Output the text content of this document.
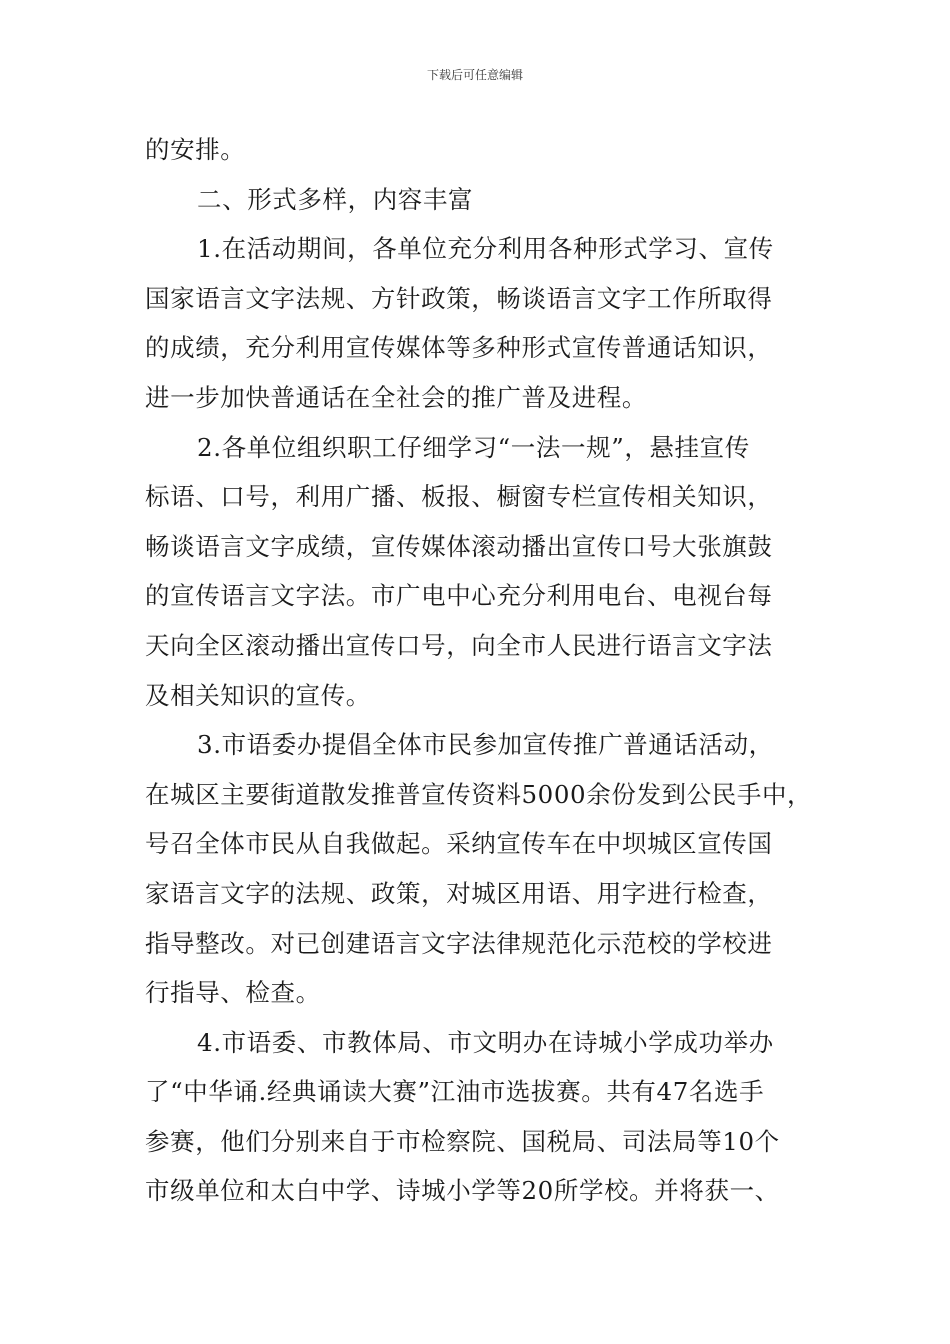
下载后可任意编辑
的安排。
二、形式多样，内容丰富
1.在活动期间，各单位充分利用各种形式学习、宣传
国家语言文字法规、方针政策，畅谈语言文字工作所取得
的成绩，充分利用宣传媒体等多种形式宣传普通话知识，
进一步加快普通话在全社会的推广普及进程。
2.各单位组织职工仔细学习“一法一规”，悬挂宣传
标语、口号，利用广播、板报、橱窗专栏宣传相关知识，
畅谈语言文字成绩，宣传媒体滚动播出宣传口号大张旗鼓
的宣传语言文字法。市广电中心充分利用电台、电视台每
天向全区滚动播出宣传口号，向全市人民进行语言文字法
及相关知识的宣传。
3.市语委办提倡全体市民参加宣传推广普通话活动，
在城区主要街道散发推普宣传资料5000余份发到公民手中，
号召全体市民从自我做起。采纳宣传车在中坝城区宣传国
家语言文字的法规、政策，对城区用语、用字进行检查，
指导整改。对已创建语言文字法律规范化示范校的学校进
行指导、检查。
4.市语委、市教体局、市文明办在诗城小学成功举办
了“中华诵.经典诵读大赛”江油市选拔赛。共有47名选手
参赛，他们分别来自于市检察院、国税局、司法局等10个
市级单位和太白中学、诗城小学等20所学校。并将获一、
